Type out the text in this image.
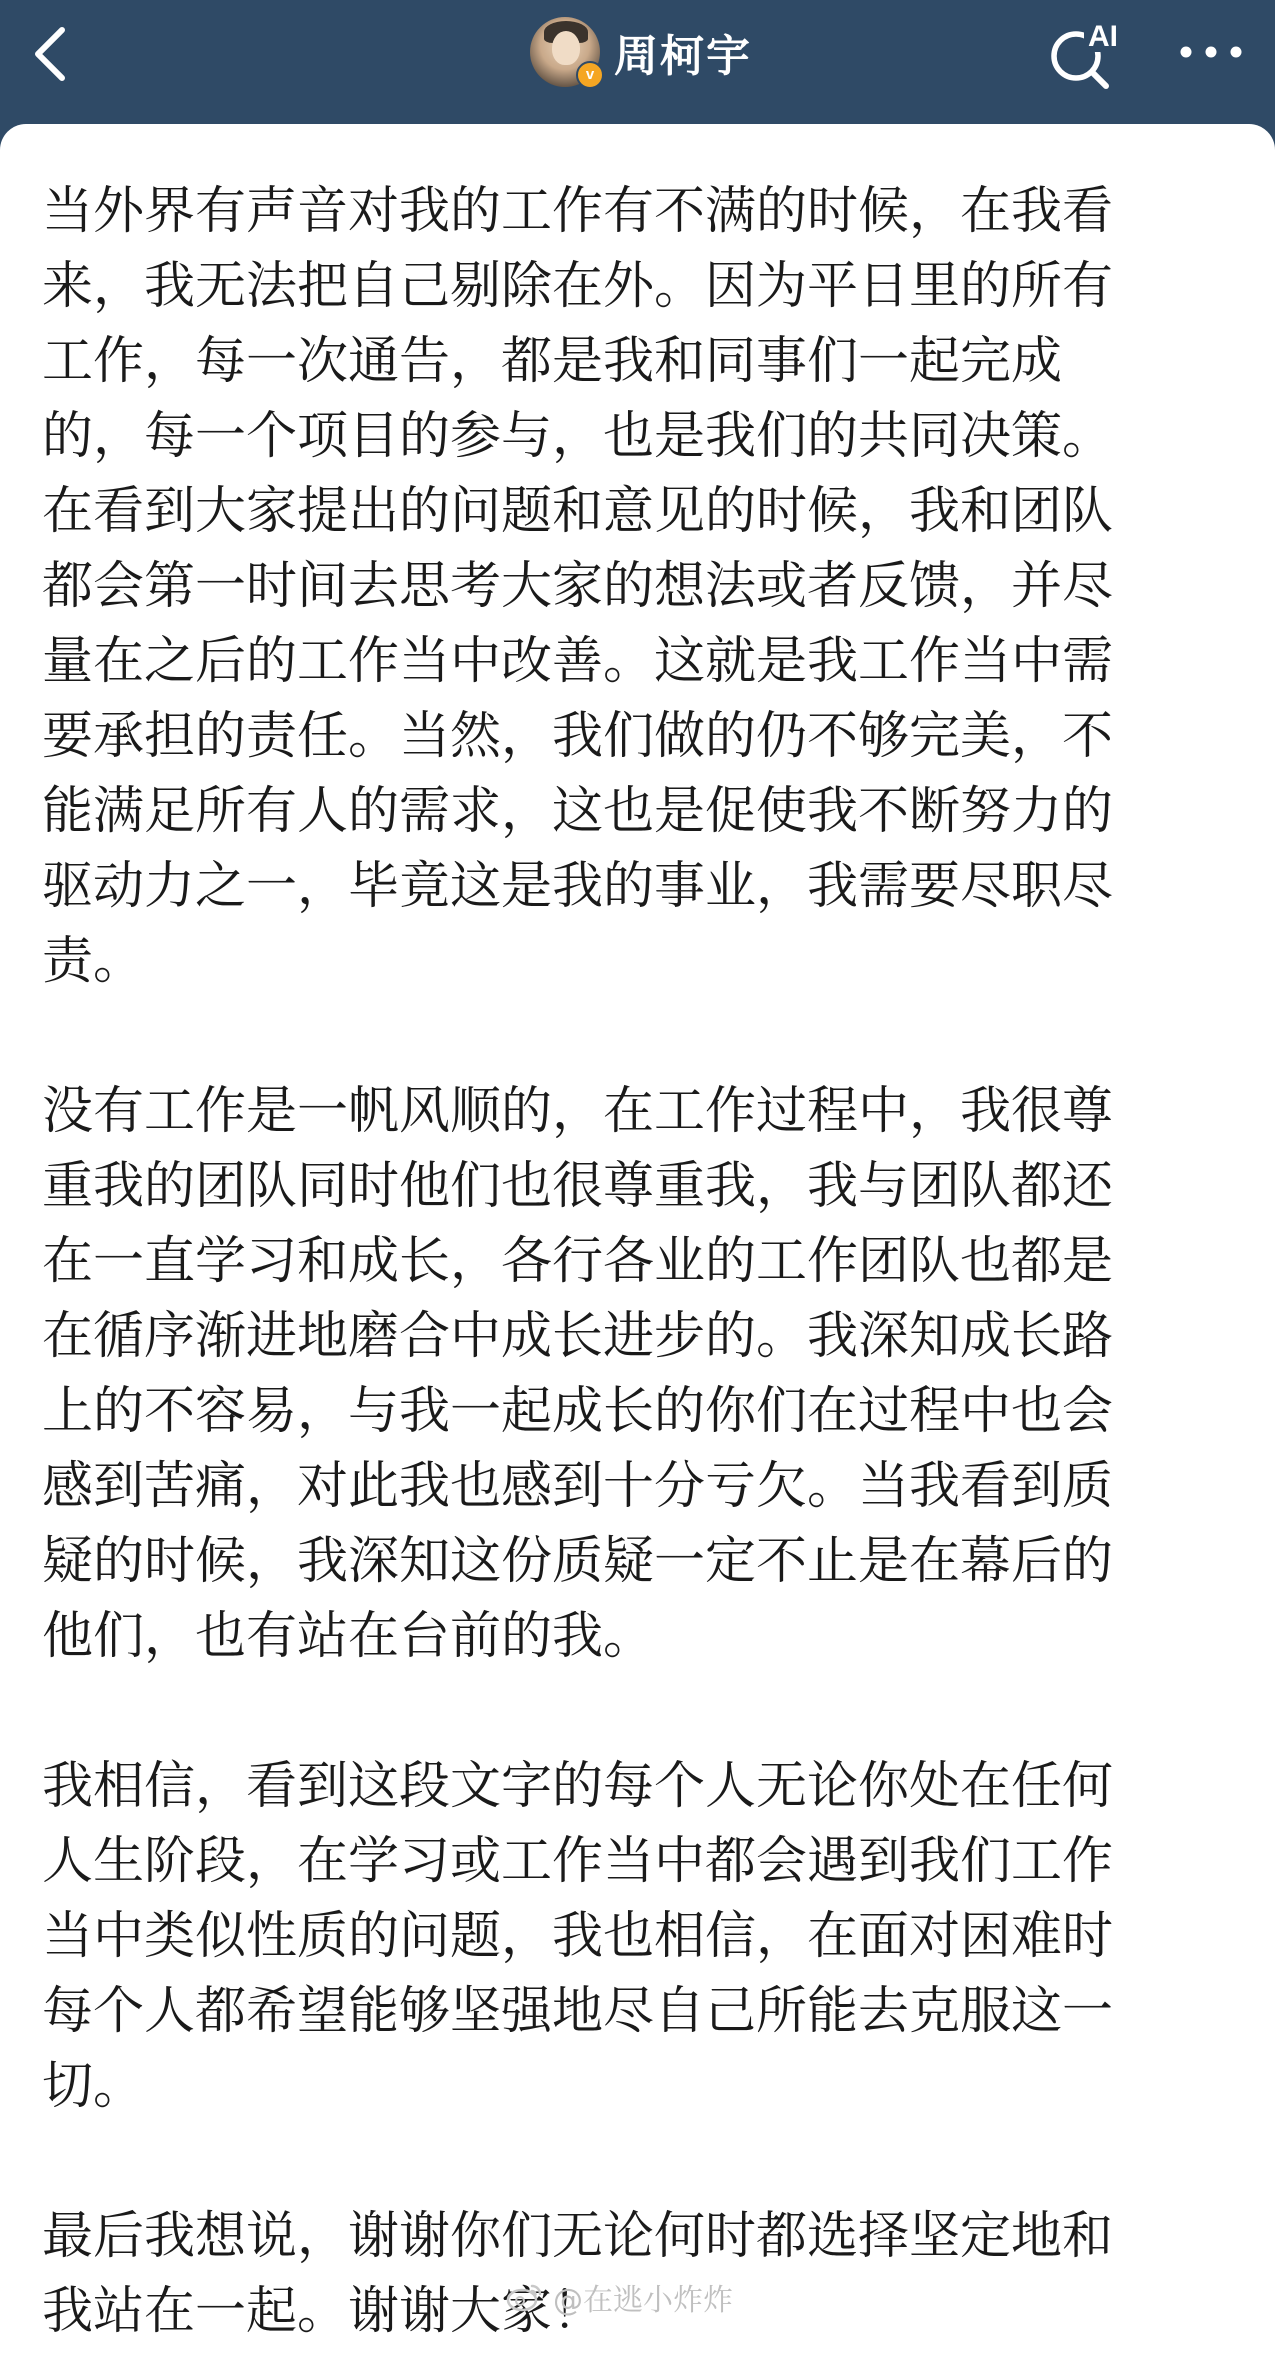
v 周柯宇	AI

当外界有声音对我的工作有不满的时候，在我看
来，我无法把自己剔除在外。因为平日里的所有
工作，每一次通告，都是我和同事们一起完成
的，每一个项目的参与，也是我们的共同决策。
在看到大家提出的问题和意见的时候，我和团队
都会第一时间去思考大家的想法或者反馈，并尽
量在之后的工作当中改善。这就是我工作当中需
要承担的责任。当然，我们做的仍不够完美，不
能满足所有人的需求，这也是促使我不断努力的
驱动力之一，毕竟这是我的事业，我需要尽职尽
责。

没有工作是一帆风顺的，在工作过程中，我很尊
重我的团队同时他们也很尊重我，我与团队都还
在一直学习和成长，各行各业的工作团队也都是
在循序渐进地磨合中成长进步的。我深知成长路
上的不容易，与我一起成长的你们在过程中也会
感到苦痛，对此我也感到十分亏欠。当我看到质
疑的时候，我深知这份质疑一定不止是在幕后的
他们，也有站在台前的我。

我相信，看到这段文字的每个人无论你处在任何
人生阶段，在学习或工作当中都会遇到我们工作
当中类似性质的问题，我也相信，在面对困难时
每个人都希望能够坚强地尽自己所能去克服这一
切。

最后我想说，谢谢你们无论何时都选择坚定地和
我站在一起。谢谢大家！

@在逃小炸炸
